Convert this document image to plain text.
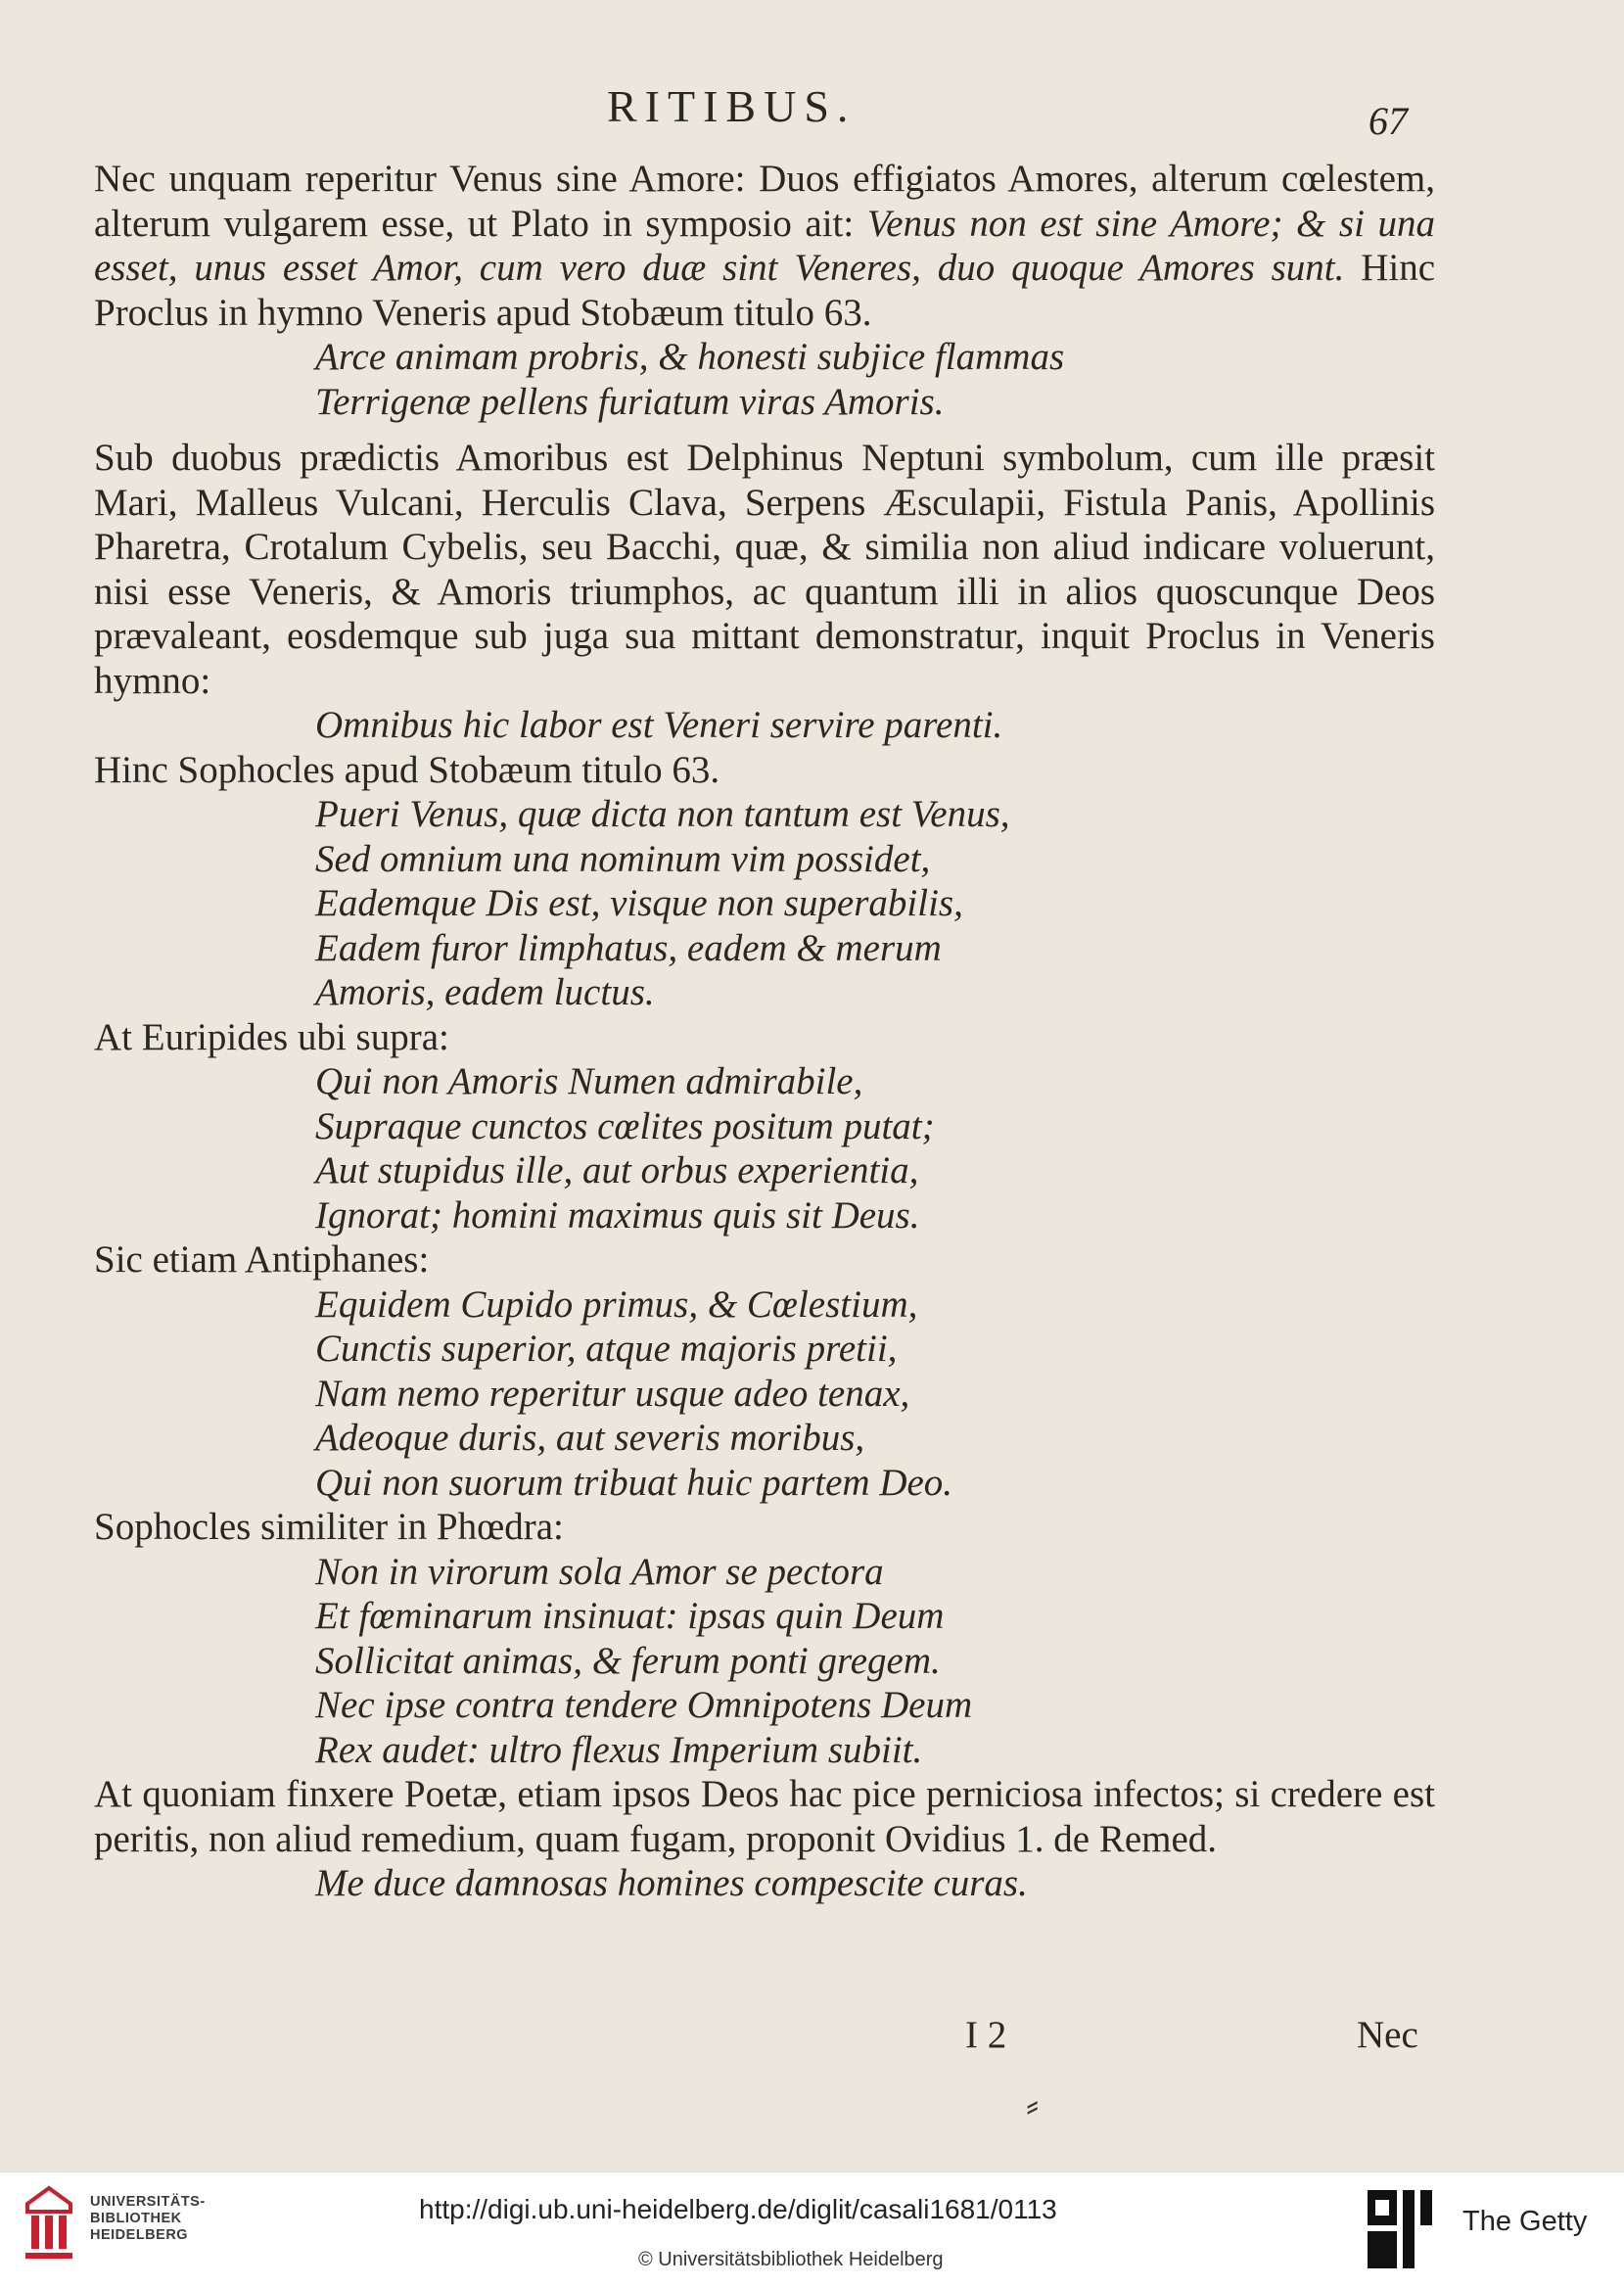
RITIBUS.	67

Nec unquam reperitur Venus sine Amore: Duos effigiatos Amores, alterum cœlestem, alterum vulgarem esse, ut Plato in symposio ait: Venus non est sine Amore; & si una esset, unus esset Amor, cum vero duæ sint Veneres, duo quoque Amores sunt. Hinc Proclus in hymno Veneris apud Stobæum titulo 63.

Arce animam probris, & honesti subjice flammas
Terrigenæ pellens furiatum viras Amoris.

Sub duobus prædictis Amoribus est Delphinus Neptuni symbolum, cum ille præsit Mari, Malleus Vulcani, Herculis Clava, Serpens Æsculapii, Fistula Panis, Apollinis Pharetra, Crotalum Cybelis, seu Bacchi, quæ, & similia non aliud indicare voluerunt, nisi esse Veneris, & Amoris triumphos, ac quantum illi in alios quoscunque Deos prævaleant, eosdemque sub juga sua mittant demonstratur, inquit Proclus in Veneris hymno:

Omnibus hic labor est Veneri servire parenti.

Hinc Sophocles apud Stobæum titulo 63.

Pueri Venus, quæ dicta non tantum est Venus,
Sed omnium una nominum vim possidet,
Eademque Dis est, visque non superabilis,
Eadem furor limphatus, eadem & merum
Amoris, eadem luctus.

At Euripides ubi supra:

Qui non Amoris Numen admirabile,
Supraque cunctos cœlites positum putat;
Aut stupidus ille, aut orbus experientia,
Ignorat; homini maximus quis sit Deus.

Sic etiam Antiphanes:

Equidem Cupido primus, & Cœlestium,
Cunctis superior, atque majoris pretii,
Nam nemo reperitur usque adeo tenax,
Adeoque duris, aut severis moribus,
Qui non suorum tribuat huic partem Deo.

Sophocles similiter in Phœdra:

Non in virorum sola Amor se pectora
Et fœminarum insinuat: ipsas quin Deum
Sollicitat animas, & ferum ponti gregem.
Nec ipse contra tendere Omnipotens Deum
Rex audet: ultro flexus Imperium subiit.

At quoniam finxere Poetæ, etiam ipsos Deos hac pice perniciosa infectos; si credere est peritis, non aliud remedium, quam fugam, proponit Ovidius 1. de Remed.

Me duce damnosas homines compescite curas.
I 2	Nec
⸗
UNIVERSITÄTS-
BIBLIOTHEK
HEIDELBERG
http://digi.ub.uni-heidelberg.de/diglit/casali1681/0113
© Universitätsbibliothek Heidelberg
The Getty
